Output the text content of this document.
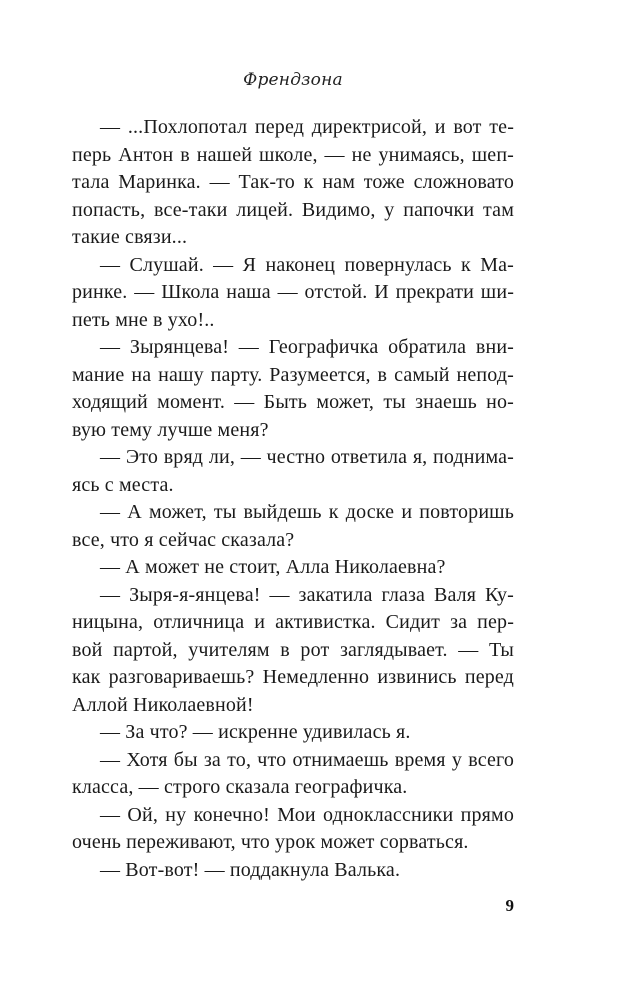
Френдзона
— ...Похлопотал перед директрисой, и вот те-
перь Антон в нашей школе, — не унимаясь, шеп-
тала Маринка. — Так-то к нам тоже сложновато
попасть, все-таки лицей. Видимо, у папочки там
такие связи...
— Слушай. — Я наконец повернулась к Ма-
ринке. — Школа наша — отстой. И прекрати ши-
петь мне в ухо!..
— Зырянцева! — Географичка обратила вни-
мание на нашу парту. Разумеется, в самый непод-
ходящий момент. — Быть может, ты знаешь но-
вую тему лучше меня?
— Это вряд ли, — честно ответила я, поднима-
ясь с места.
— А может, ты выйдешь к доске и повторишь
все, что я сейчас сказала?
— А может не стоит, Алла Николаевна?
— Зыря-я-янцева! — закатила глаза Валя Ку-
ницына, отличница и активистка. Сидит за пер-
вой партой, учителям в рот заглядывает. — Ты
как разговариваешь? Немедленно извинись перед
Аллой Николаевной!
— За что? — искренне удивилась я.
— Хотя бы за то, что отнимаешь время у всего
класса, — строго сказала географичка.
— Ой, ну конечно! Мои одноклассники прямо
очень переживают, что урок может сорваться.
— Вот-вот! — поддакнула Валька.
9
